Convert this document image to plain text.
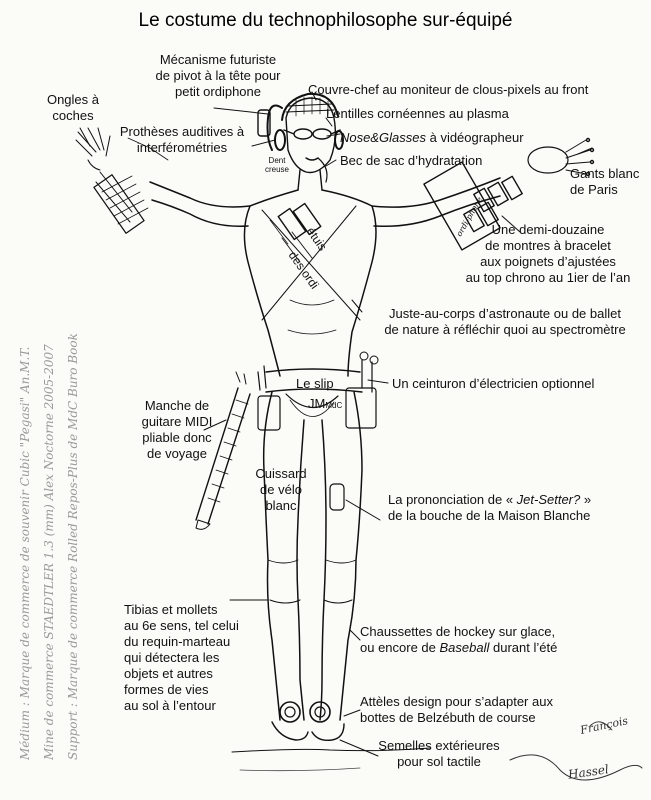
Le costume du technophilosophe sur-équipé
Ongles à
coches
Mécanisme futuriste
de pivot à la tête pour
petit ordiphone
Prothèses auditives à
interférométries
Dent
creuse
Couvre-chef au moniteur de clous-pixels au front
Lentilles cornéennes au plasma
Nose&Glasses à vidéographeur
Bec de sac d’hydratation
Gants blanc
de Paris
étuis
des ordi
ordi-phone Une demi-douzaine
de montres à bracelet
aux poignets d’ajustées
au top chrono au 1ier de l’an
Juste-au-corps d’astronaute ou de ballet
de nature à réfléchir quoi au spectromètre
Le slip
JMMdC
Un ceinturon d’électricien optionnel
Manche de
guitare MIDI
pliable donc
de voyage
Cuissard
de vélo
blanc	La prononciation de « Jet-Setter? »
de la bouche de la Maison Blanche
Tibias et mollets
au 6e sens, tel celui
du requin-marteau
qui détectera les
objets et autres
formes de vies
au sol à l’entour
Chaussettes de hockey sur glace,
ou encore de Baseball durant l’été
Attèles design pour s’adapter aux
bottes de Belzébuth de course
Semelles extérieures
pour sol tactile
Médium : Marque de commerce de souvenir Cubic "Pegasi" An.M.T. Mine de commerce STAEDTLER 1.3 (mm) Alex Noctorne 2005-2007 Support : Marque de commerce Rolled Repos-Plus de MdC Buro Book	François
Hassel
